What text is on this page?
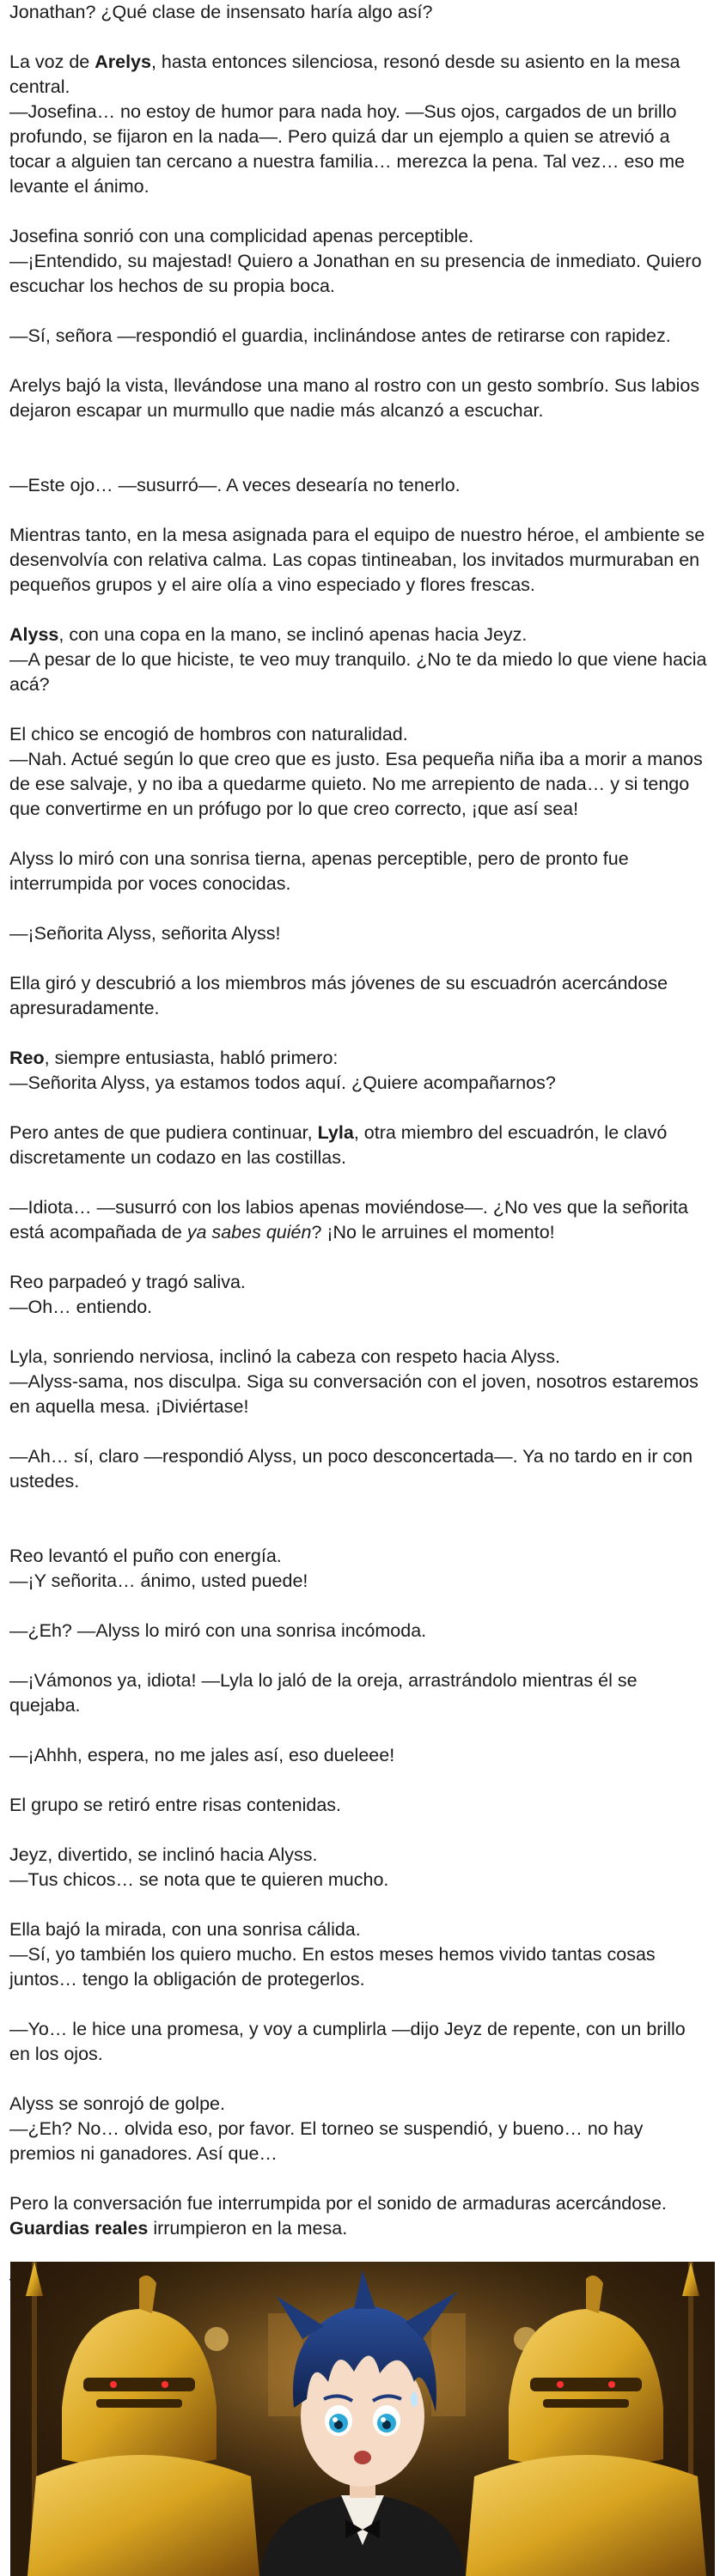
Jonathan? ¿Qué clase de insensato haría algo así?

La voz de Arelys, hasta entonces silenciosa, resonó desde su asiento en la mesa central.
—Josefina… no estoy de humor para nada hoy. —Sus ojos, cargados de un brillo profundo, se fijaron en la nada—. Pero quizá dar un ejemplo a quien se atrevió a tocar a alguien tan cercano a nuestra familia… merezca la pena. Tal vez… eso me levante el ánimo.

Josefina sonrió con una complicidad apenas perceptible.
—¡Entendido, su majestad! Quiero a Jonathan en su presencia de inmediato. Quiero escuchar los hechos de su propia boca.

—Sí, señora —respondió el guardia, inclinándose antes de retirarse con rapidez.

Arelys bajó la vista, llevándose una mano al rostro con un gesto sombrío. Sus labios dejaron escapar un murmullo que nadie más alcanzó a escuchar.

—Este ojo… —susurró—. A veces desearía no tenerlo.

Mientras tanto, en la mesa asignada para el equipo de nuestro héroe, el ambiente se desenvolvía con relativa calma. Las copas tintineaban, los invitados murmuraban en pequeños grupos y el aire olía a vino especiado y flores frescas.

Alyss, con una copa en la mano, se inclinó apenas hacia Jeyz.
—A pesar de lo que hiciste, te veo muy tranquilo. ¿No te da miedo lo que viene hacia acá?

El chico se encogió de hombros con naturalidad.
—Nah. Actué según lo que creo que es justo. Esa pequeña niña iba a morir a manos de ese salvaje, y no iba a quedarme quieto. No me arrepiento de nada… y si tengo que convertirme en un prófugo por lo que creo correcto, ¡que así sea!

Alyss lo miró con una sonrisa tierna, apenas perceptible, pero de pronto fue interrumpida por voces conocidas.

—¡Señorita Alyss, señorita Alyss!

Ella giró y descubrió a los miembros más jóvenes de su escuadrón acercándose apresuradamente.

Reo, siempre entusiasta, habló primero:
—Señorita Alyss, ya estamos todos aquí. ¿Quiere acompañarnos?

Pero antes de que pudiera continuar, Lyla, otra miembro del escuadrón, le clavó discretamente un codazo en las costillas.

—Idiota… —susurró con los labios apenas moviéndose—. ¿No ves que la señorita está acompañada de ya sabes quién? ¡No le arruines el momento!

Reo parpadeó y tragó saliva.
—Oh… entiendo.

Lyla, sonriendo nerviosa, inclinó la cabeza con respeto hacia Alyss.
—Alyss-sama, nos disculpa. Siga su conversación con el joven, nosotros estaremos en aquella mesa. ¡Diviértase!

—Ah… sí, claro —respondió Alyss, un poco desconcertada—. Ya no tardo en ir con ustedes.

Reo levantó el puño con energía.
—¡Y señorita… ánimo, usted puede!

—¿Eh? —Alyss lo miró con una sonrisa incómoda.

—¡Vámonos ya, idiota! —Lyla lo jaló de la oreja, arrastrándolo mientras él se quejaba.

—¡Ahhh, espera, no me jales así, eso dueleee!

El grupo se retiró entre risas contenidas.

Jeyz, divertido, se inclinó hacia Alyss.
—Tus chicos… se nota que te quieren mucho.

Ella bajó la mirada, con una sonrisa cálida.
—Sí, yo también los quiero mucho. En estos meses hemos vivido tantas cosas juntos… tengo la obligación de protegerlos.

—Yo… le hice una promesa, y voy a cumplirla —dijo Jeyz de repente, con un brillo en los ojos.

Alyss se sonrojó de golpe.
—¿Eh? No… olvida eso, por favor. El torneo se suspendió, y bueno… no hay premios ni ganadores. Así que…

Pero la conversación fue interrumpida por el sonido de armaduras acercándose.
Guardias reales irrumpieron en la mesa.
